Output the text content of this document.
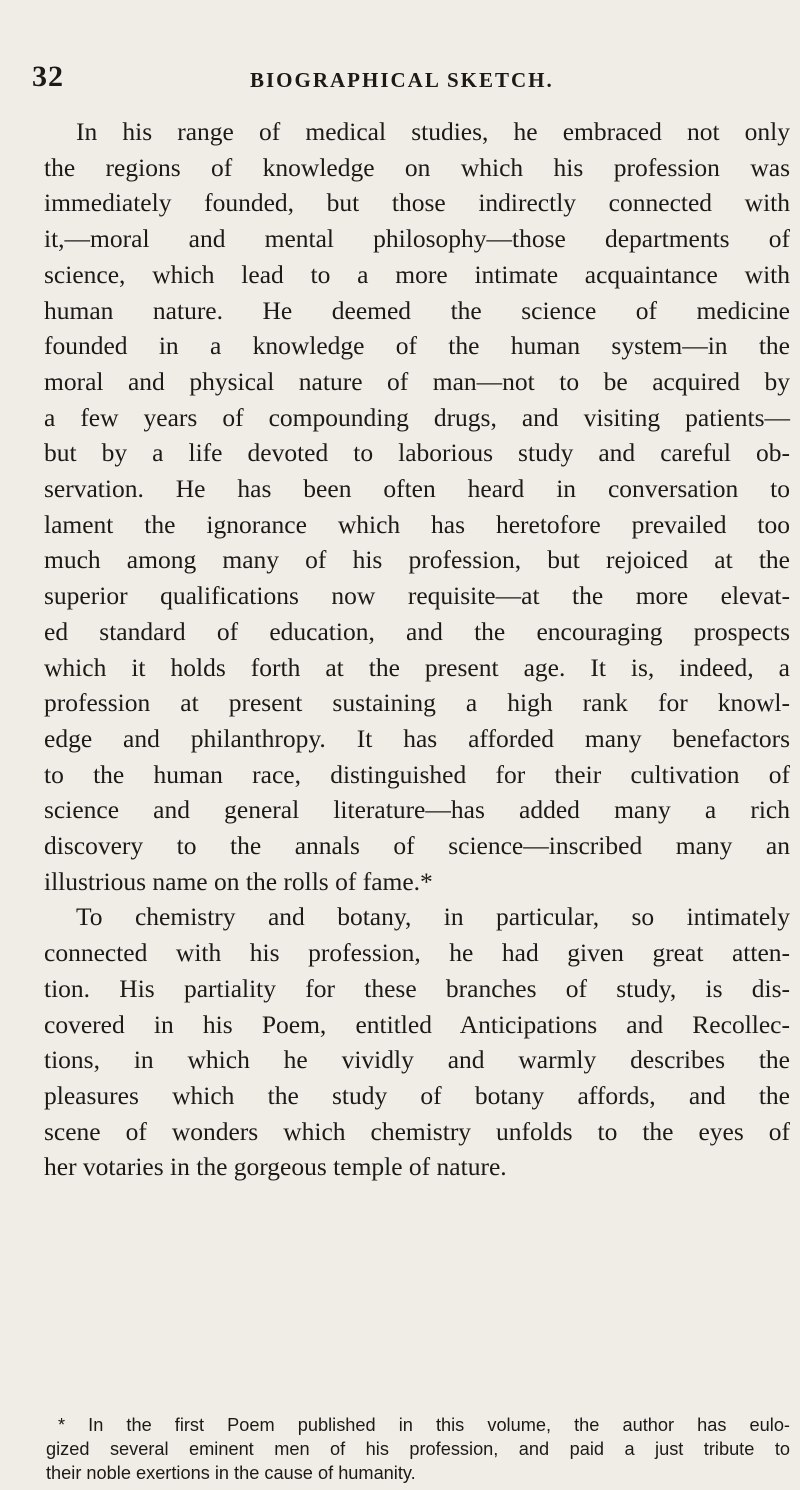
32	BIOGRAPHICAL SKETCH.
In his range of medical studies, he embraced not only
the regions of knowledge on which his profession was
immediately founded, but those indirectly connected with
it,—moral and mental philosophy—those departments of
science, which lead to a more intimate acquaintance with
human nature. He deemed the science of medicine
founded in a knowledge of the human system—in the
moral and physical nature of man—not to be acquired by
a few years of compounding drugs, and visiting patients—
but by a life devoted to laborious study and careful ob-
servation. He has been often heard in conversation to
lament the ignorance which has heretofore prevailed too
much among many of his profession, but rejoiced at the
superior qualifications now requisite—at the more elevat-
ed standard of education, and the encouraging prospects
which it holds forth at the present age. It is, indeed, a
profession at present sustaining a high rank for knowl-
edge and philanthropy. It has afforded many benefactors
to the human race, distinguished for their cultivation of
science and general literature—has added many a rich
discovery to the annals of science—inscribed many an
illustrious name on the rolls of fame.*
To chemistry and botany, in particular, so intimately
connected with his profession, he had given great atten-
tion. His partiality for these branches of study, is dis-
covered in his Poem, entitled Anticipations and Recollec-
tions, in which he vividly and warmly describes the
pleasures which the study of botany affords, and the
scene of wonders which chemistry unfolds to the eyes of
her votaries in the gorgeous temple of nature.
* In the first Poem published in this volume, the author has eulo-
gized several eminent men of his profession, and paid a just tribute to
their noble exertions in the cause of humanity.
